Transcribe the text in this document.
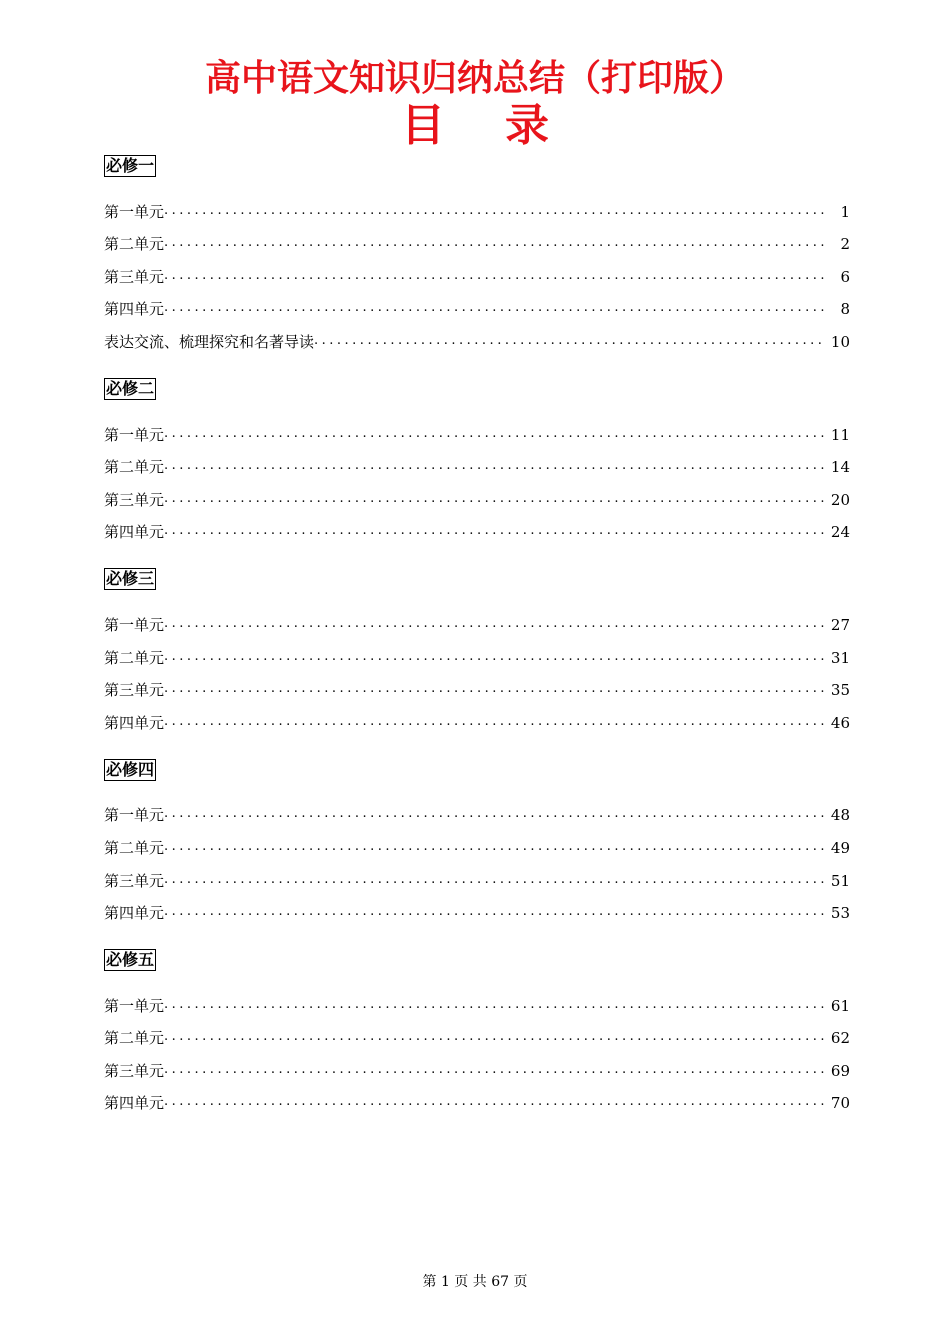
高中语文知识归纳总结（打印版）
目录
必修一
第一单元 .....	1
第二单元 .....	2
第三单元 .....	6
第四单元 .....	8
表达交流、梳理探究和名著导读 .....	10
必修二
第一单元 .....	11
第二单元 .....	14
第三单元 .....	20
第四单元 .....	24
必修三
第一单元 .....	27
第二单元 .....	31
第三单元 .....	35
第四单元 .....	46
必修四
第一单元 .....	48
第二单元 .....	49
第三单元 .....	51
第四单元 .....	53
必修五
第一单元 .....	61
第二单元 .....	62
第三单元 .....	69
第四单元 .....	70
第 1 页 共 67 页
